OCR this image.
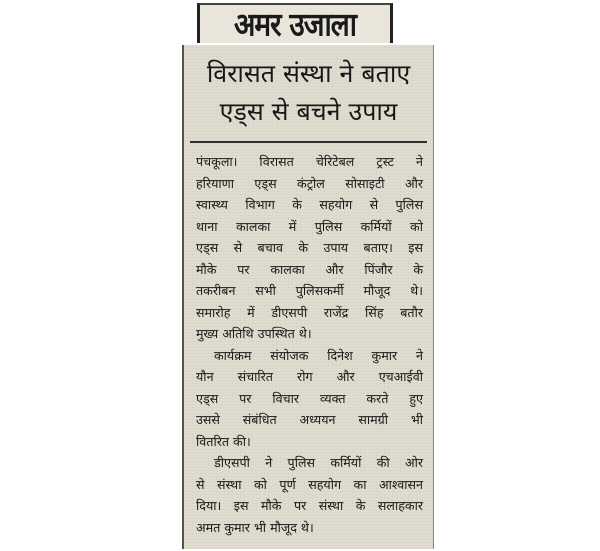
अमर उजाला
विरासत संस्था ने बताए
एड्स से बचने उपाय

पंचकूला। विरासत चेरिटेबल ट्रस्ट ने
हरियाणा एड्स कंट्रोल सोसाइटी और
स्वास्थ्य विभाग के सहयोग से पुलिस
थाना कालका में पुलिस कर्मियों को
एड्स से बचाव के उपाय बताए। इस
मौके पर कालका और पिंजौर के
तकरीबन सभी पुलिसकर्मी मौजूद थे।
समारोह में डीएसपी राजेंद्र सिंह बतौर
मुख्य अतिथि उपस्थित थे।

कार्यक्रम संयोजक दिनेश कुमार ने
यौन संचारित रोग और एचआईवी
एड्स पर विचार व्यक्त करते हुए
उससे संबंधित अध्ययन सामग्री भी
वितरित की।

डीएसपी ने पुलिस कर्मियों की ओर
से संस्था को पूर्ण सहयोग का आश्वासन
दिया। इस मौके पर संस्था के सलाहकार
अमत कुमार भी मौजूद थे।
